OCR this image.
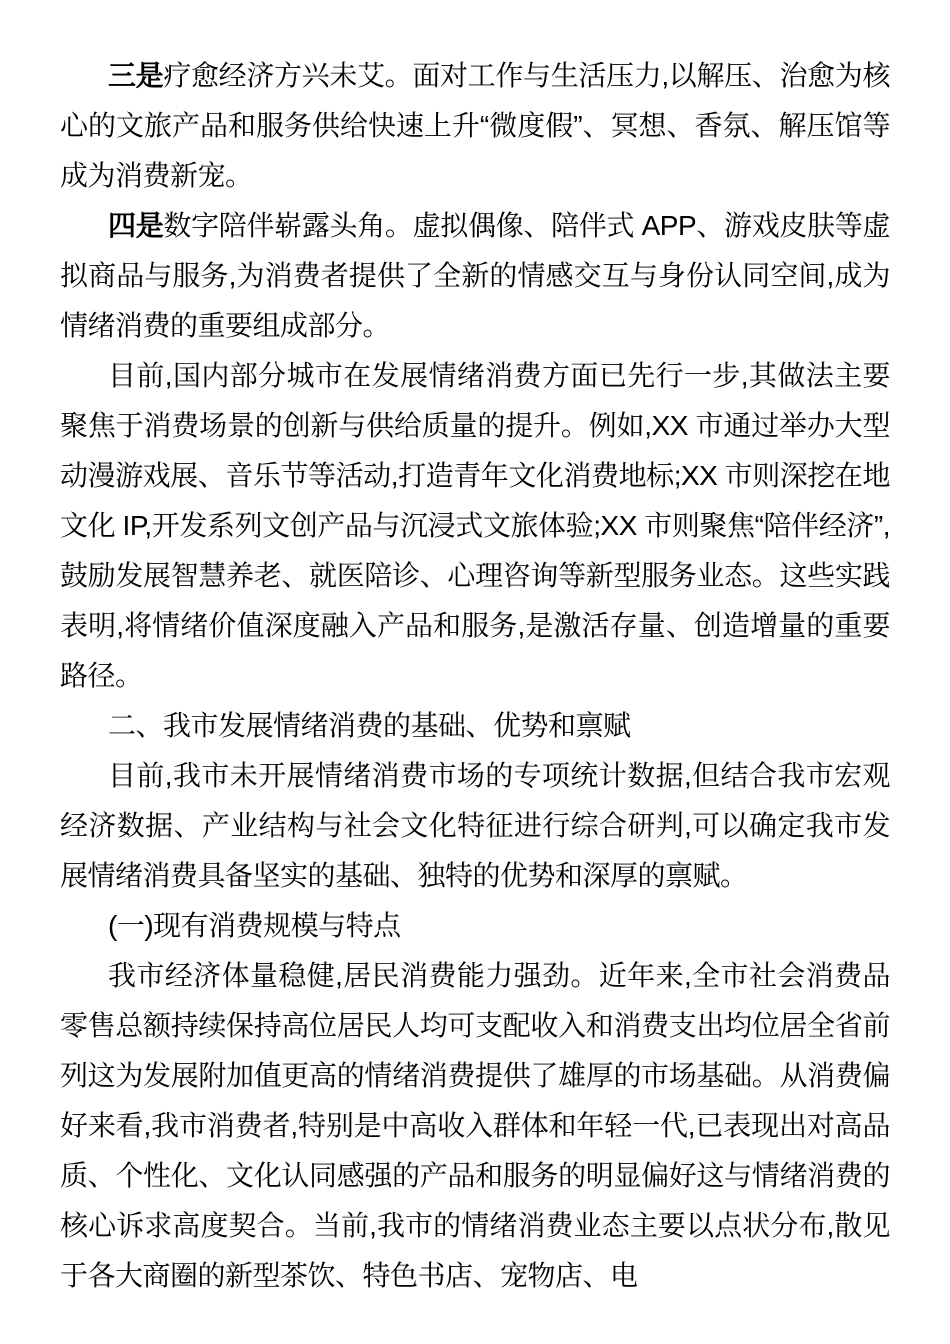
三是疗愈经济方兴未艾。面对工作与生活压力,以解压、治愈为核心的文旅产品和服务供给快速上升“微度假”、冥想、香氛、解压馆等成为消费新宠。

四是数字陪伴崭露头角。虚拟偶像、陪伴式 APP、游戏皮肤等虚拟商品与服务,为消费者提供了全新的情感交互与身份认同空间,成为情绪消费的重要组成部分。

目前,国内部分城市在发展情绪消费方面已先行一步,其做法主要聚焦于消费场景的创新与供给质量的提升。例如,XX 市通过举办大型动漫游戏展、音乐节等活动,打造青年文化消费地标;XX 市则深挖在地文化 IP,开发系列文创产品与沉浸式文旅体验;XX 市则聚焦“陪伴经济”,鼓励发展智慧养老、就医陪诊、心理咨询等新型服务业态。这些实践表明,将情绪价值深度融入产品和服务,是激活存量、创造增量的重要路径。

二、我市发展情绪消费的基础、优势和禀赋

目前,我市未开展情绪消费市场的专项统计数据,但结合我市宏观经济数据、产业结构与社会文化特征进行综合研判,可以确定我市发展情绪消费具备坚实的基础、独特的优势和深厚的禀赋。

(一)现有消费规模与特点

我市经济体量稳健,居民消费能力强劲。近年来,全市社会消费品零售总额持续保持高位居民人均可支配收入和消费支出均位居全省前列这为发展附加值更高的情绪消费提供了雄厚的市场基础。从消费偏好来看,我市消费者,特别是中高收入群体和年轻一代,已表现出对高品质、个性化、文化认同感强的产品和服务的明显偏好这与情绪消费的核心诉求高度契合。当前,我市的情绪消费业态主要以点状分布,散见于各大商圈的新型茶饮、特色书店、宠物店、电
